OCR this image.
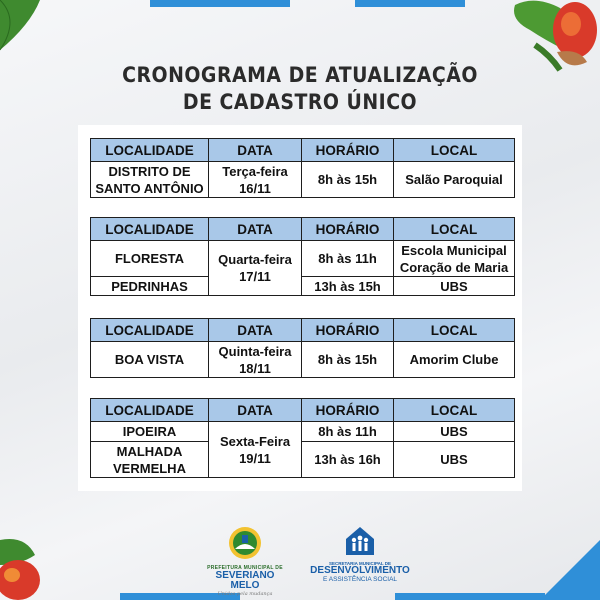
CRONOGRAMA DE ATUALIZAÇÃO
DE CADASTRO ÚNICO
LOCALIDADE	DATA	HORÁRIO	LOCAL
DISTRITO DE SANTO ANTÔNIO	Terça-feira 16/11	8h às 15h	Salão Paroquial
LOCALIDADE	DATA	HORÁRIO	LOCAL
FLORESTA	Quarta-feira 17/11	8h às 11h	Escola Municipal Coração de Maria
PEDRINHAS		13h às 15h	UBS
LOCALIDADE	DATA	HORÁRIO	LOCAL
BOA VISTA	Quinta-feira 18/11	8h às 15h	Amorim Clube
LOCALIDADE	DATA	HORÁRIO	LOCAL
IPOEIRA	Sexta-Feira 19/11	8h às 11h	UBS
MALHADA VERMELHA		13h às 16h	UBS
PREFEITURA MUNICIPAL DE
SEVERIANO MELO
Unidos pela mudança
SECRETARIA MUNICIPAL DE
DESENVOLVIMENTO
E ASSISTÊNCIA SOCIAL
